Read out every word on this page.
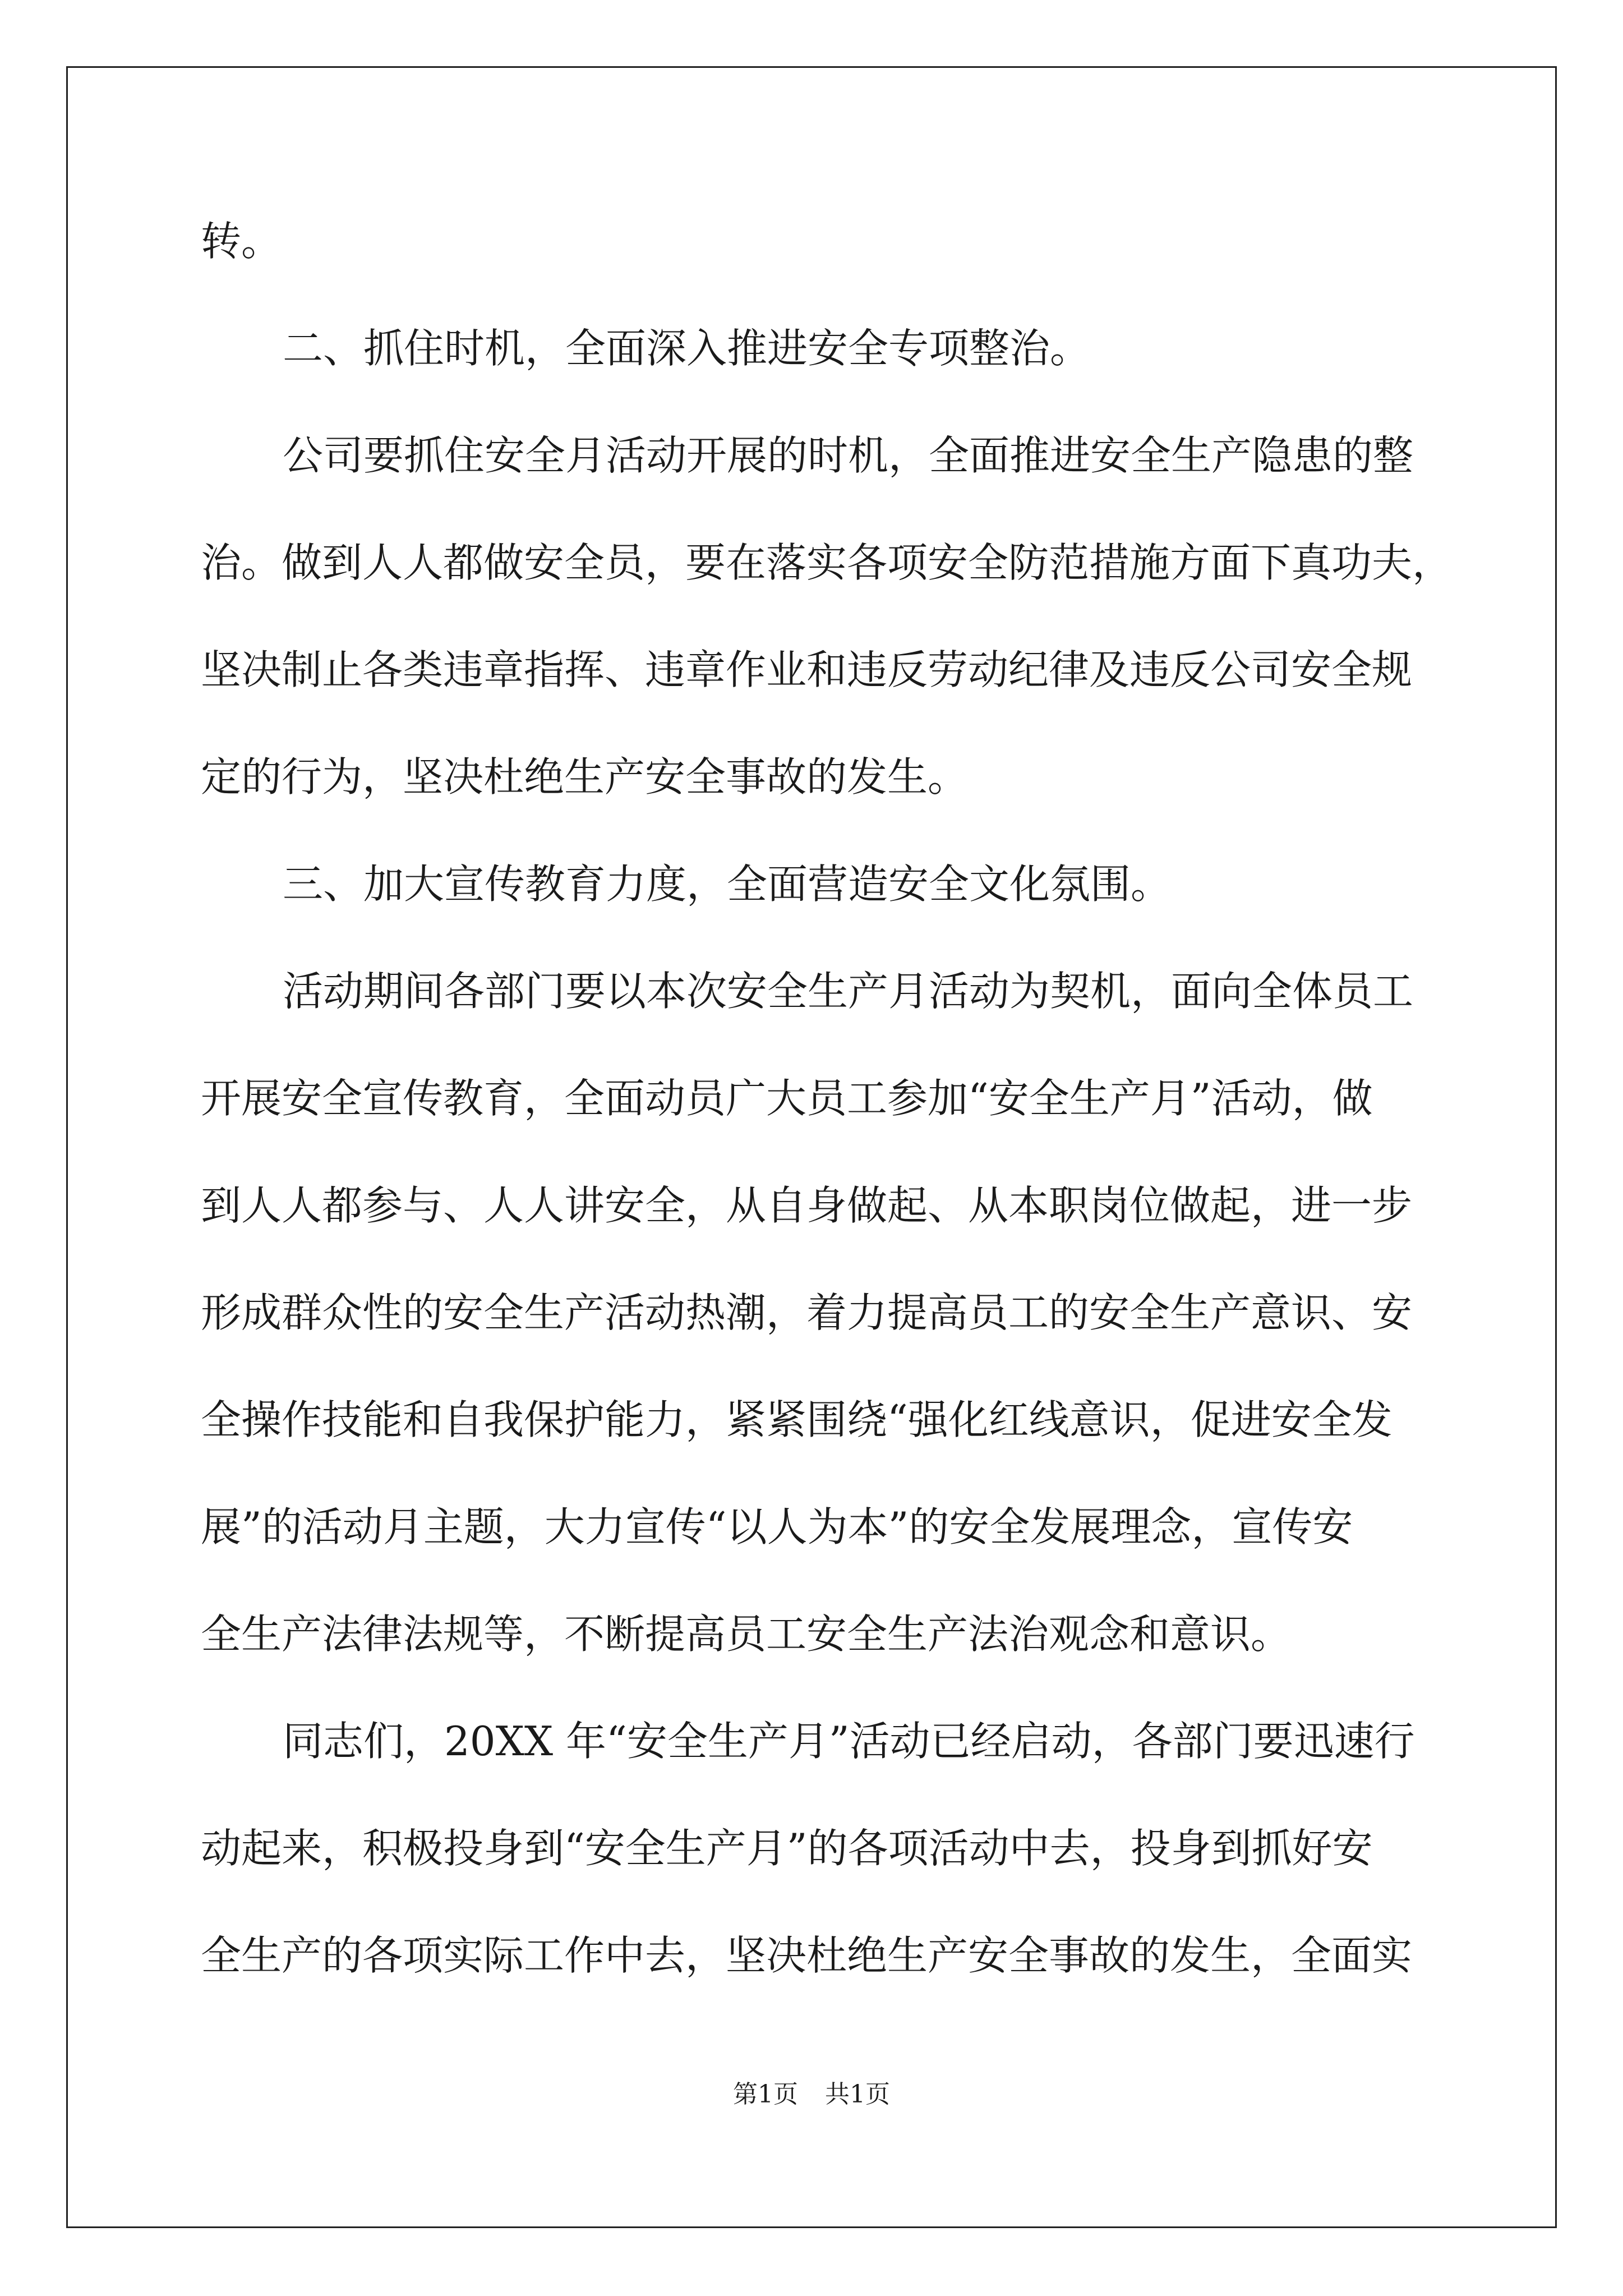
转。
二、抓住时机，全面深入推进安全专项整治。
公司要抓住安全月活动开展的时机，全面推进安全生产隐患的整
治。做到人人都做安全员，要在落实各项安全防范措施方面下真功夫，
坚决制止各类违章指挥、违章作业和违反劳动纪律及违反公司安全规
定的行为，坚决杜绝生产安全事故的发生。
三、加大宣传教育力度，全面营造安全文化氛围。
活动期间各部门要以本次安全生产月活动为契机，面向全体员工
开展安全宣传教育，全面动员广大员工参加“安全生产月”活动，做
到人人都参与、人人讲安全，从自身做起、从本职岗位做起，进一步
形成群众性的安全生产活动热潮，着力提高员工的安全生产意识、安
全操作技能和自我保护能力，紧紧围绕“强化红线意识，促进安全发
展”的活动月主题，大力宣传“以人为本”的安全发展理念，宣传安
全生产法律法规等，不断提高员工安全生产法治观念和意识。
同志们，20XX 年“安全生产月”活动已经启动，各部门要迅速行
动起来，积极投身到“安全生产月”的各项活动中去，投身到抓好安
全生产的各项实际工作中去，坚决杜绝生产安全事故的发生，全面实
第1页 共1页
